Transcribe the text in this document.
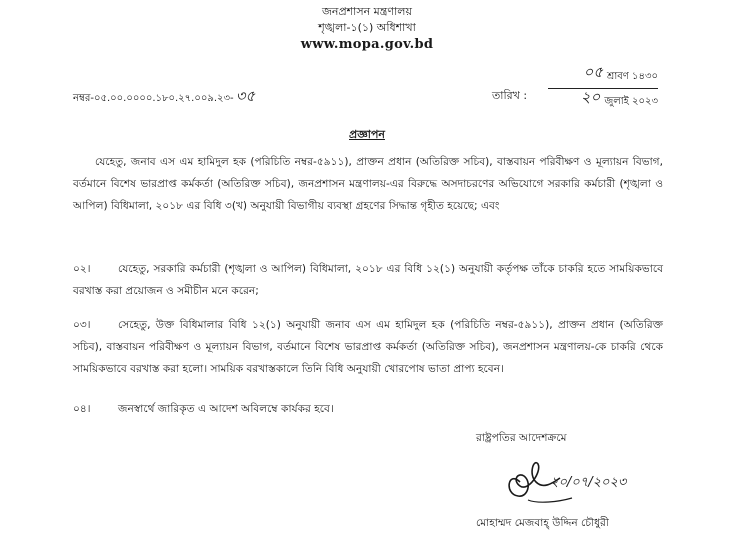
জনপ্রশাসন মন্ত্রণালয়
শৃঙ্খলা-১(১) অধিশাখা
www.mopa.gov.bd
নম্বর-০৫.০০.০০০০.১৮০.২৭.০০৯.২৩- ৩৫	তারিখ :
০৫ শ্রাবণ ১৪৩০
২০ জুলাই ২০২৩
প্রজ্ঞাপন
যেহেতু, জনাব এস এম হামিদুল হক (পরিচিতি নম্বর-৫৯১১), প্রাক্তন প্রধান (অতিরিক্ত সচিব), বাস্তবায়ন পরিবীক্ষণ ও মূল্যায়ন বিভাগ, বর্তমানে বিশেষ ভারপ্রাপ্ত কর্মকর্তা (অতিরিক্ত সচিব), জনপ্রশাসন মন্ত্রণালয়-এর বিরুদ্ধে অসদাচরণের অভিযোগে সরকারি কর্মচারী (শৃঙ্খলা ও আপিল) বিধিমালা, ২০১৮ এর বিধি ৩(খ) অনুযায়ী বিভাগীয় ব্যবস্থা গ্রহণের সিদ্ধান্ত গৃহীত হয়েছে; এবং
০২।	যেহেতু, সরকারি কর্মচারী (শৃঙ্খলা ও আপিল) বিধিমালা, ২০১৮ এর বিধি ১২(১) অনুযায়ী কর্তৃপক্ষ তাঁকে চাকরি হতে সাময়িকভাবে বরখাস্ত করা প্রয়োজন ও সমীচীন মনে করেন;
০৩।	সেহেতু, উক্ত বিধিমালার বিধি ১২(১) অনুযায়ী জনাব এস এম হামিদুল হক (পরিচিতি নম্বর-৫৯১১), প্রাক্তন প্রধান (অতিরিক্ত সচিব), বাস্তবায়ন পরিবীক্ষণ ও মূল্যায়ন বিভাগ, বর্তমানে বিশেষ ভারপ্রাপ্ত কর্মকর্তা (অতিরিক্ত সচিব), জনপ্রশাসন মন্ত্রণালয়-কে চাকরি থেকে সাময়িকভাবে বরখাস্ত করা হলো। সাময়িক বরখাস্তকালে তিনি বিধি অনুযায়ী খোরপোষ ভাতা প্রাপ্য হবেন।
০৪।	জনস্বার্থে জারিকৃত এ আদেশ অবিলম্বে কার্যকর হবে।
রাষ্ট্রপতির আদেশক্রমে
২০/০৭/২০২৩
মোহাম্মদ মেজবাহ্ উদ্দিন চৌধুরী
